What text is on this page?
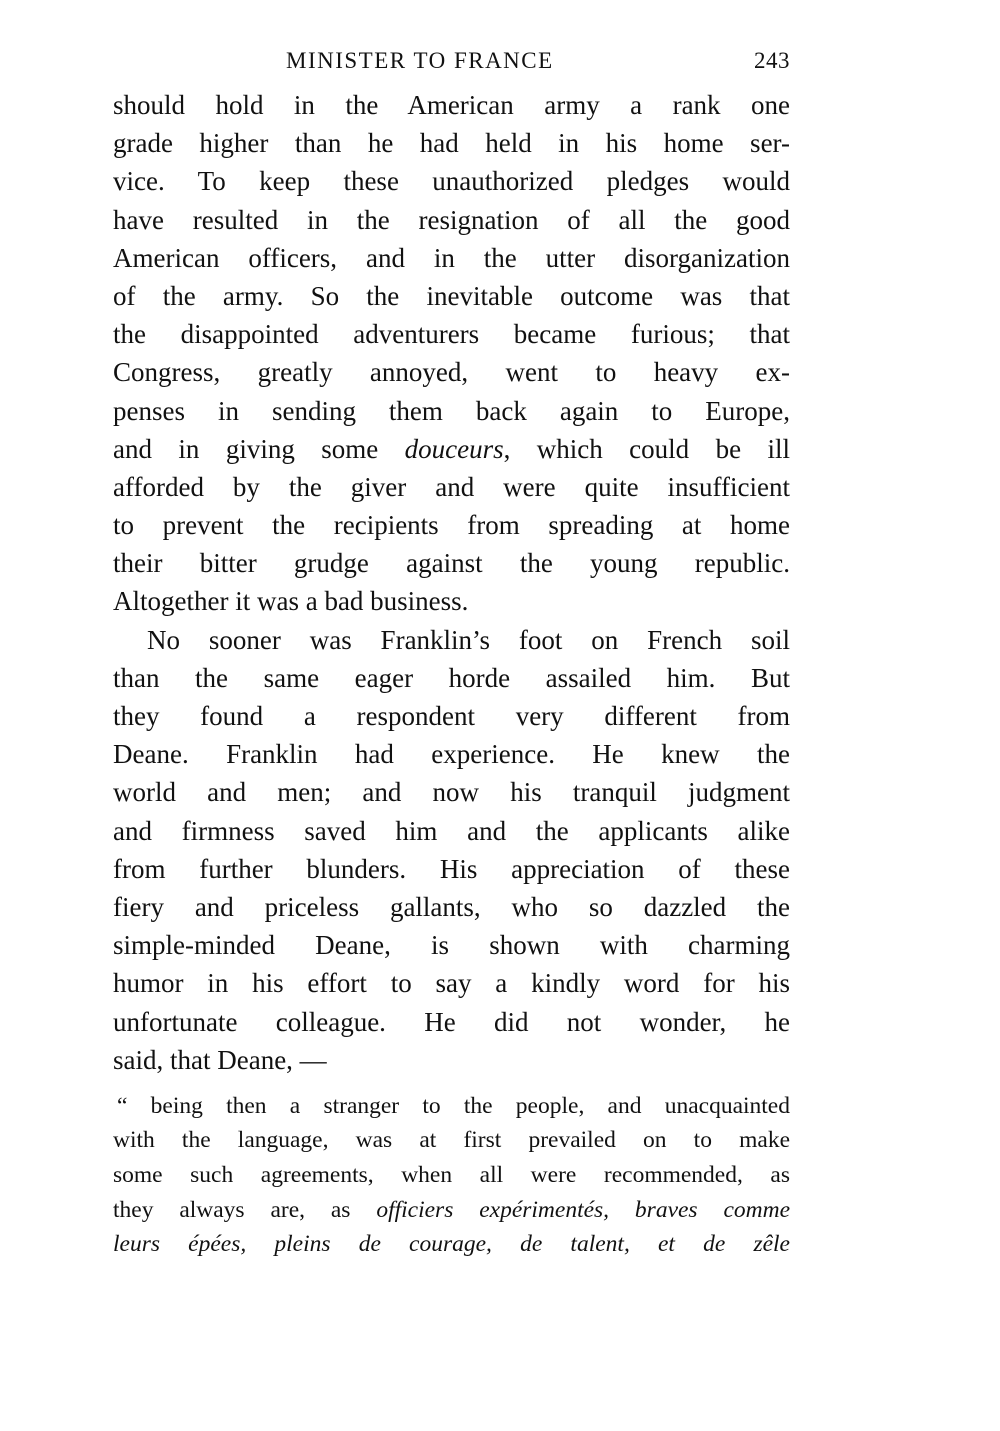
MINISTER TO FRANCE	243
should hold in the American army a rank one
grade higher than he had held in his home ser-
vice. To keep these unauthorized pledges would
have resulted in the resignation of all the good
American officers, and in the utter disorganization
of the army. So the inevitable outcome was that
the disappointed adventurers became furious; that
Congress, greatly annoyed, went to heavy ex-
penses in sending them back again to Europe,
and in giving some douceurs, which could be ill
afforded by the giver and were quite insufficient
to prevent the recipients from spreading at home
their bitter grudge against the young republic.
Altogether it was a bad business.
No sooner was Franklin’s foot on French soil
than the same eager horde assailed him. But
they found a respondent very different from
Deane. Franklin had experience. He knew the
world and men; and now his tranquil judgment
and firmness saved him and the applicants alike
from further blunders. His appreciation of these
fiery and priceless gallants, who so dazzled the
simple-minded Deane, is shown with charming
humor in his effort to say a kindly word for his
unfortunate colleague. He did not wonder, he
said, that Deane, —
“ being then a stranger to the people, and unacquainted
with the language, was at first prevailed on to make
some such agreements, when all were recommended, as
they always are, as officiers expérimentés, braves comme
leurs épées, pleins de courage, de talent, et de zêle
